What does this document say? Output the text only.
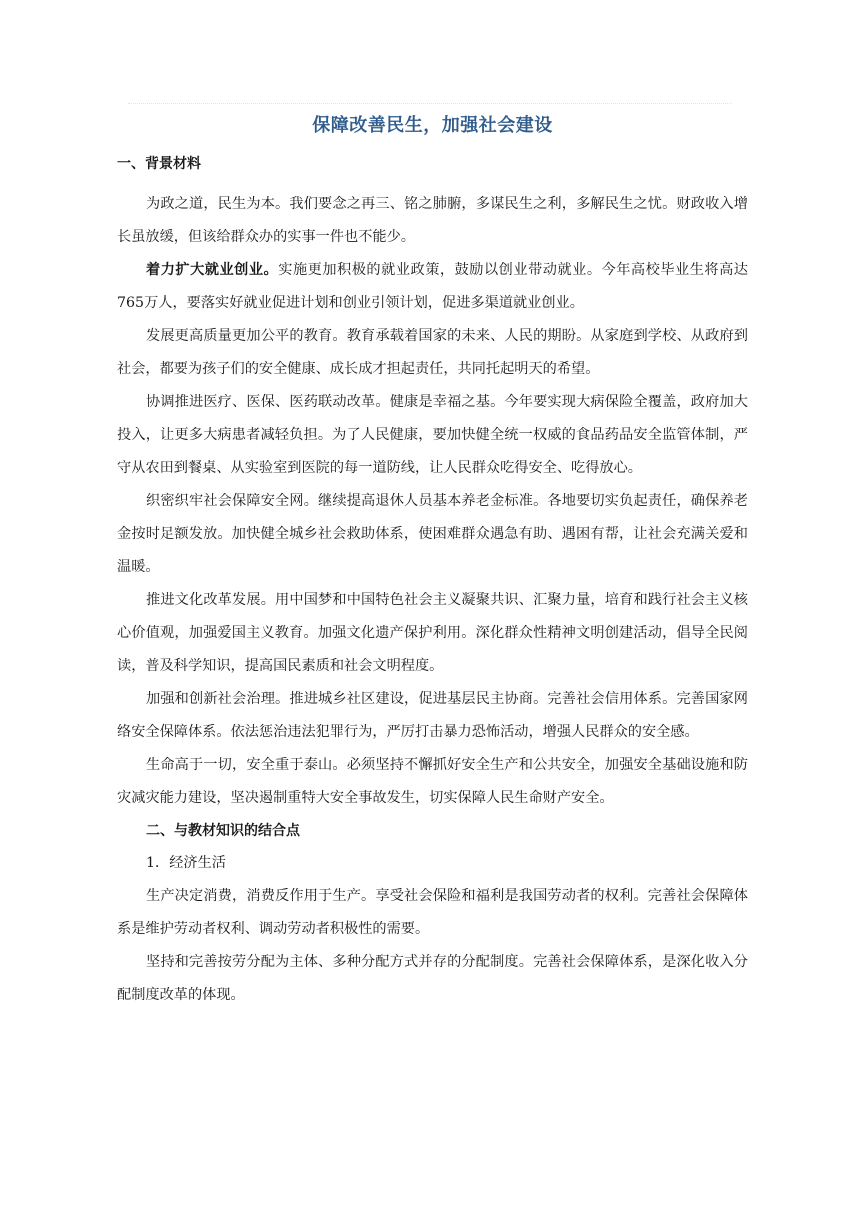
保障改善民生，加强社会建设
一、背景材料

为政之道，民生为本。我们要念之再三、铭之肺腑，多谋民生之利，多解民生之忧。财政收入增长虽放缓，但该给群众办的实事一件也不能少。

着力扩大就业创业。实施更加积极的就业政策，鼓励以创业带动就业。今年高校毕业生将高达765万人，要落实好就业促进计划和创业引领计划，促进多渠道就业创业。

发展更高质量更加公平的教育。教育承载着国家的未来、人民的期盼。从家庭到学校、从政府到社会，都要为孩子们的安全健康、成长成才担起责任，共同托起明天的希望。

协调推进医疗、医保、医药联动改革。健康是幸福之基。今年要实现大病保险全覆盖，政府加大投入，让更多大病患者减轻负担。为了人民健康，要加快健全统一权威的食品药品安全监管体制，严守从农田到餐桌、从实验室到医院的每一道防线，让人民群众吃得安全、吃得放心。

织密织牢社会保障安全网。继续提高退休人员基本养老金标准。各地要切实负起责任，确保养老金按时足额发放。加快健全城乡社会救助体系，使困难群众遇急有助、遇困有帮，让社会充满关爱和温暖。

推进文化改革发展。用中国梦和中国特色社会主义凝聚共识、汇聚力量，培育和践行社会主义核心价值观，加强爱国主义教育。加强文化遗产保护利用。深化群众性精神文明创建活动，倡导全民阅读，普及科学知识，提高国民素质和社会文明程度。

加强和创新社会治理。推进城乡社区建设，促进基层民主协商。完善社会信用体系。完善国家网络安全保障体系。依法惩治违法犯罪行为，严厉打击暴力恐怖活动，增强人民群众的安全感。

生命高于一切，安全重于泰山。必须坚持不懈抓好安全生产和公共安全，加强安全基础设施和防灾减灾能力建设，坚决遏制重特大安全事故发生，切实保障人民生命财产安全。

二、与教材知识的结合点
1．经济生活

生产决定消费，消费反作用于生产。享受社会保险和福利是我国劳动者的权利。完善社会保障体系是维护劳动者权利、调动劳动者积极性的需要。

坚持和完善按劳分配为主体、多种分配方式并存的分配制度。完善社会保障体系，是深化收入分配制度改革的体现。
